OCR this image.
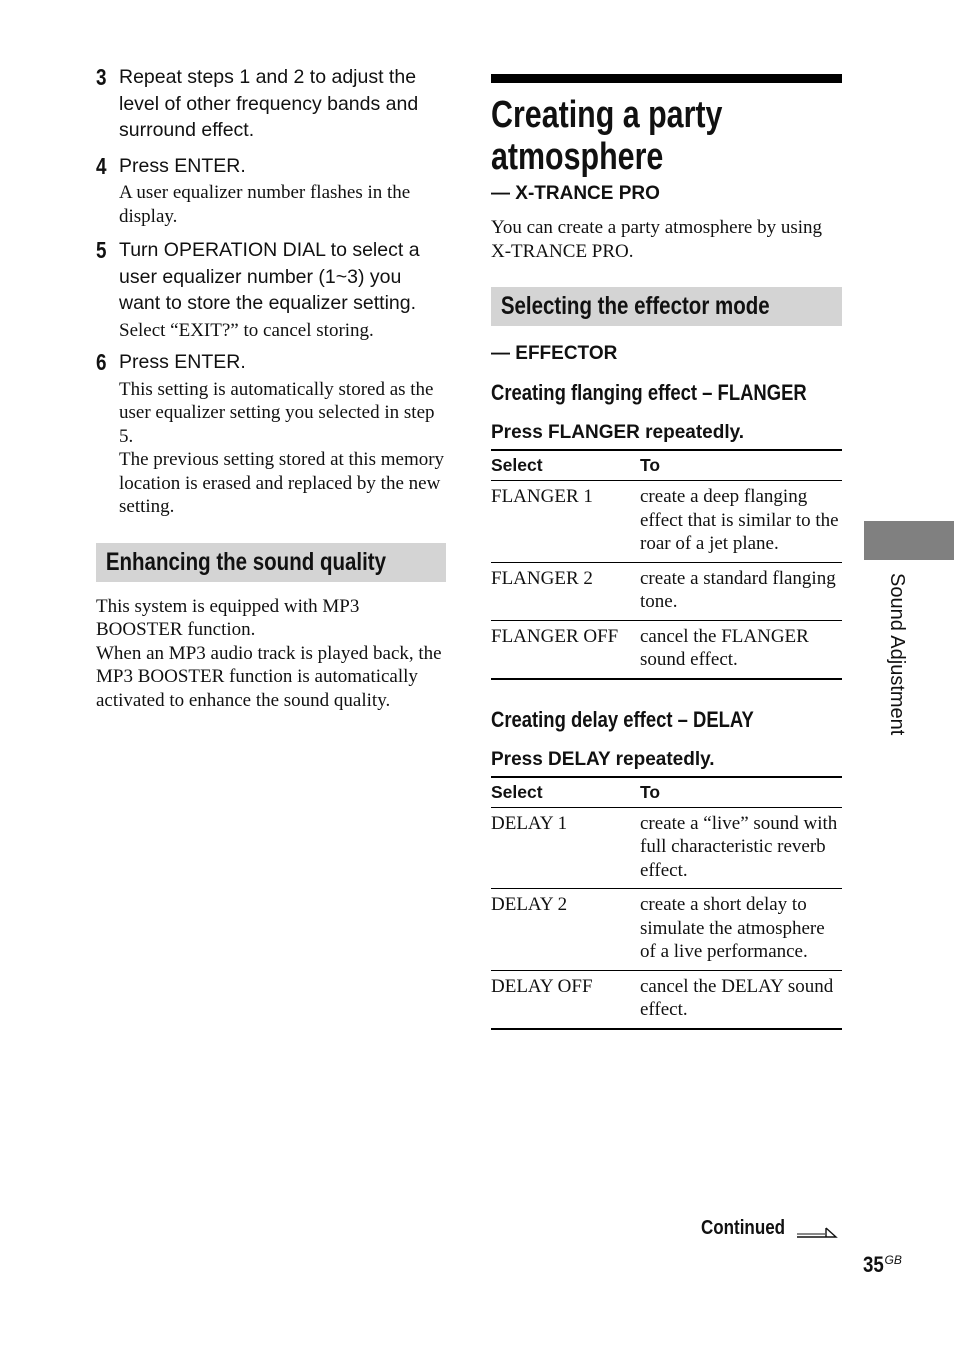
3 Repeat steps 1 and 2 to adjust the level of other frequency bands and surround effect.

4 Press ENTER.

A user equalizer number flashes in the display.

5 Turn OPERATION DIAL to select a user equalizer number (1~3) you want to store the equalizer setting.

Select “EXIT?” to cancel storing.

6 Press ENTER.

This setting is automatically stored as the user equalizer setting you selected in step 5.

The previous setting stored at this memory location is erased and replaced by the new setting.

Enhancing the sound quality

This system is equipped with MP3 BOOSTER function.

When an MP3 audio track is played back, the MP3 BOOSTER function is automatically activated to enhance the sound quality.

Creating a party
atmosphere

— X-TRANCE PRO

You can create a party atmosphere by using X-TRANCE PRO.

Selecting the effector mode

— EFFECTOR

Creating flanging effect – FLANGER

Press FLANGER repeatedly.

Select	To
FLANGER 1	create a deep flanging effect that is similar to the roar of a jet plane.
FLANGER 2	create a standard flanging tone.
FLANGER OFF	cancel the FLANGER sound effect.
Creating delay effect – DELAY

Press DELAY repeatedly.

Select	To
DELAY 1	create a “live” sound with full characteristic reverb effect.
DELAY 2	create a short delay to simulate the atmosphere of a live performance.
DELAY OFF	cancel the DELAY sound effect.
Sound Adjustment
Continued
$35^{GB}$
